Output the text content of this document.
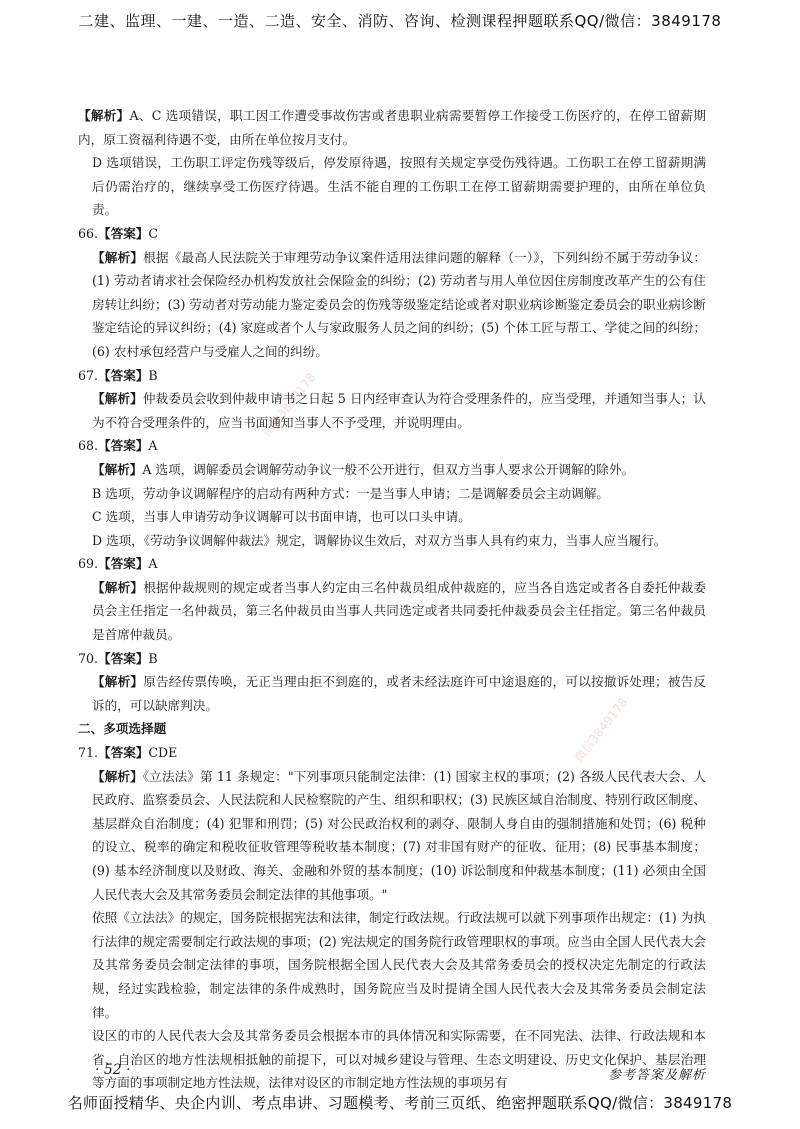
二建、监理、一建、一造、二造、安全、消防、咨询、检测课程押题联系QQ/微信：3849178
微信3849178
微信3849178

【解析】A、C 选项错误，职工因工作遭受事故伤害或者患职业病需要暂停工作接受工伤医疗的，在停工留薪期内，原工资福利待遇不变，由所在单位按月支付。

D 选项错误，工伤职工评定伤残等级后，停发原待遇，按照有关规定享受伤残待遇。工伤职工在停工留薪期满后仍需治疗的，继续享受工伤医疗待遇。生活不能自理的工伤职工在停工留薪期需要护理的，由所在单位负责。

66.【答案】C

【解析】根据《最高人民法院关于审理劳动争议案件适用法律问题的解释（一）》，下列纠纷不属于劳动争议：(1) 劳动者请求社会保险经办机构发放社会保险金的纠纷；(2) 劳动者与用人单位因住房制度改革产生的公有住房转让纠纷；(3) 劳动者对劳动能力鉴定委员会的伤残等级鉴定结论或者对职业病诊断鉴定委员会的职业病诊断鉴定结论的异议纠纷；(4) 家庭或者个人与家政服务人员之间的纠纷；(5) 个体工匠与帮工、学徒之间的纠纷；(6) 农村承包经营户与受雇人之间的纠纷。

67.【答案】B

【解析】仲裁委员会收到仲裁申请书之日起 5 日内经审查认为符合受理条件的，应当受理，并通知当事人；认为不符合受理条件的，应当书面通知当事人不予受理，并说明理由。

68.【答案】A

【解析】A 选项，调解委员会调解劳动争议一般不公开进行，但双方当事人要求公开调解的除外。

B 选项，劳动争议调解程序的启动有两种方式：一是当事人申请；二是调解委员会主动调解。

C 选项，当事人申请劳动争议调解可以书面申请，也可以口头申请。

D 选项，《劳动争议调解仲裁法》规定，调解协议生效后，对双方当事人具有约束力，当事人应当履行。

69.【答案】A

【解析】根据仲裁规则的规定或者当事人约定由三名仲裁员组成仲裁庭的，应当各自选定或者各自委托仲裁委员会主任指定一名仲裁员，第三名仲裁员由当事人共同选定或者共同委托仲裁委员会主任指定。第三名仲裁员是首席仲裁员。

70.【答案】B

【解析】原告经传票传唤，无正当理由拒不到庭的，或者未经法庭许可中途退庭的，可以按撤诉处理；被告反诉的，可以缺席判决。

二、多项选择题

71.【答案】CDE

【解析】《立法法》第 11 条规定："下列事项只能制定法律：(1) 国家主权的事项；(2) 各级人民代表大会、人民政府、监察委员会、人民法院和人民检察院的产生、组织和职权；(3) 民族区域自治制度、特别行政区制度、基层群众自治制度；(4) 犯罪和刑罚；(5) 对公民政治权利的剥夺、限制人身自由的强制措施和处罚；(6) 税种的设立、税率的确定和税收征收管理等税收基本制度；(7) 对非国有财产的征收、征用；(8) 民事基本制度；(9) 基本经济制度以及财政、海关、金融和外贸的基本制度；(10) 诉讼制度和仲裁基本制度；(11) 必须由全国人民代表大会及其常务委员会制定法律的其他事项。"

依照《立法法》的规定，国务院根据宪法和法律，制定行政法规。行政法规可以就下列事项作出规定：(1) 为执行法律的规定需要制定行政法规的事项；(2) 宪法规定的国务院行政管理职权的事项。应当由全国人民代表大会及其常务委员会制定法律的事项，国务院根据全国人民代表大会及其常务委员会的授权决定先制定的行政法规，经过实践检验，制定法律的条件成熟时，国务院应当及时提请全国人民代表大会及其常务委员会制定法律。

设区的市的人民代表大会及其常务委员会根据本市的具体情况和实际需要，在不同宪法、法律、行政法规和本省、自治区的地方性法规相抵触的前提下，可以对城乡建设与管理、生态文明建设、历史文化保护、基层治理等方面的事项制定地方性法规，法律对设区的市制定地方性法规的事项另有

· 52 ·	参考答案及解析
名师面授精华、央企内训、考点串讲、习题模考、考前三页纸、绝密押题联系QQ/微信：3849178
